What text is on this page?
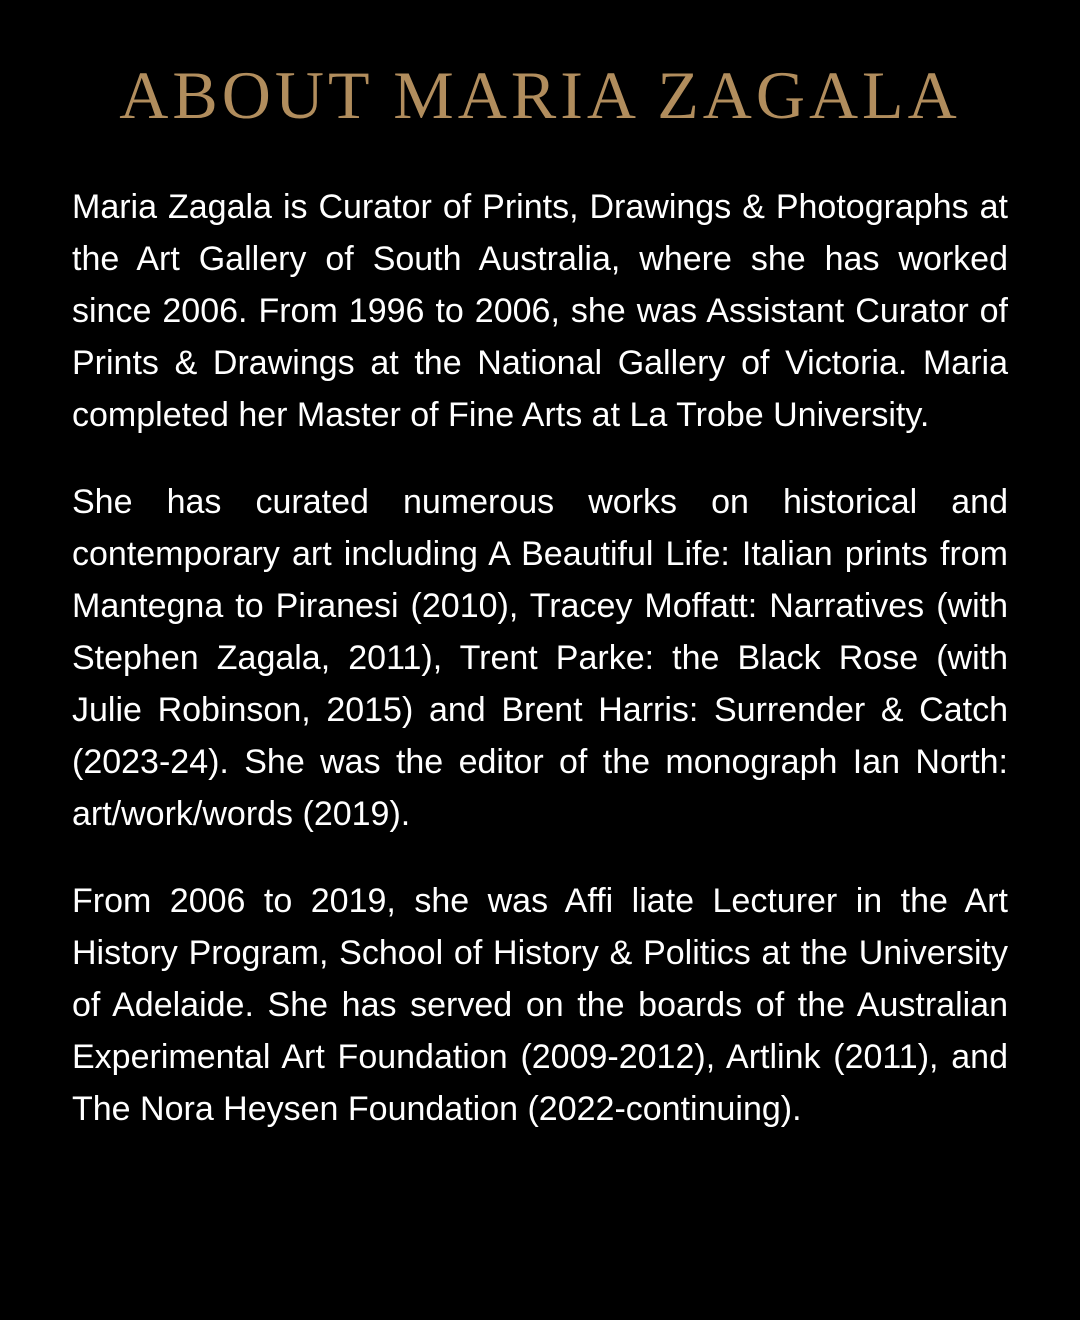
ABOUT MARIA ZAGALA

Maria Zagala is Curator of Prints, Drawings & Photographs at the Art Gallery of South Australia, where she has worked since 2006. From 1996 to 2006, she was Assistant Curator of Prints & Drawings at the National Gallery of Victoria. Maria completed her Master of Fine Arts at La Trobe University.

She has curated numerous works on historical and contemporary art including A Beautiful Life: Italian prints from Mantegna to Piranesi (2010), Tracey Moffatt: Narratives (with Stephen Zagala, 2011), Trent Parke: the Black Rose (with Julie Robinson, 2015) and Brent Harris: Surrender & Catch (2023-24). She was the editor of the monograph Ian North: art/work/words (2019).

From 2006 to 2019, she was Affi liate Lecturer in the Art History Program, School of History & Politics at the University of Adelaide. She has served on the boards of the Australian Experimental Art Foundation (2009-2012), Artlink (2011), and The Nora Heysen Foundation (2022-continuing).
